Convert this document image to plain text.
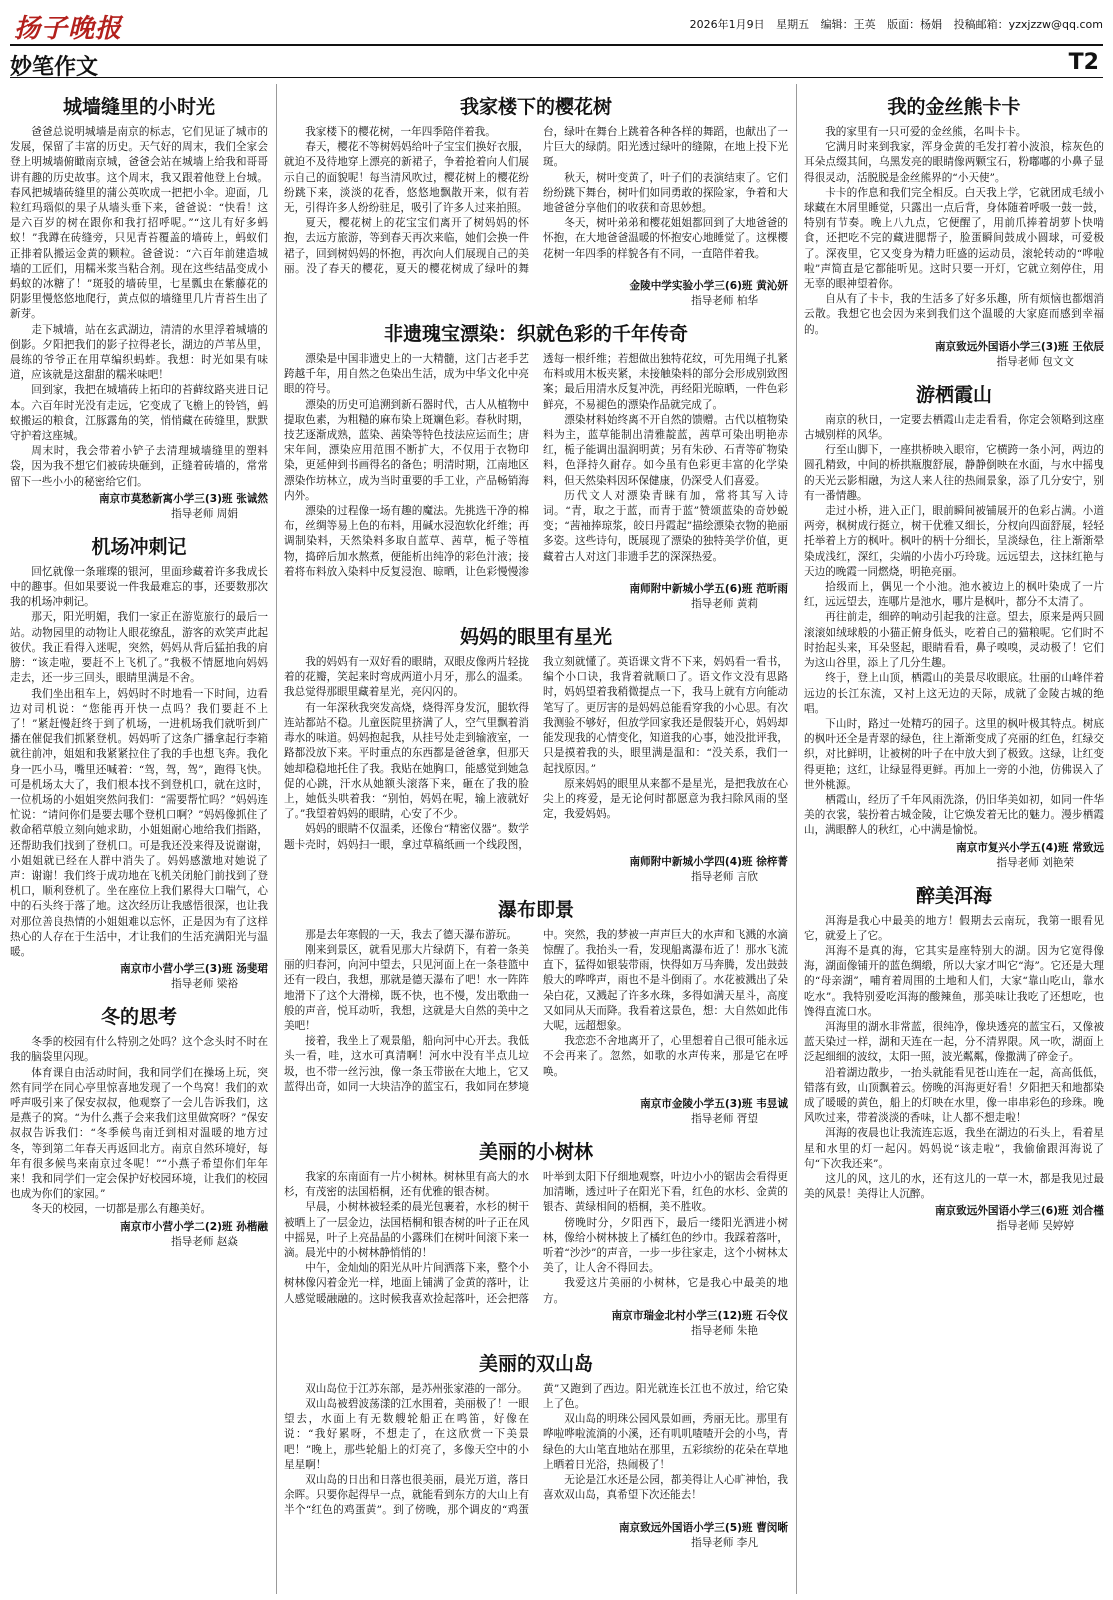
扬子晚报	2026年1月9日 星期五 编辑：王英 版面：杨娟 投稿邮箱：yzxjzzw@qq.com
妙笔作文	T2
城墙缝里的小时光

爸爸总说明城墙是南京的标志，它们见证了城市的发展，保留了丰富的历史。天气好的周末，我们全家会登上明城墙俯瞰南京城，爸爸会站在城墙上给我和哥哥讲有趣的历史故事。这个周末，我又跟着他登上台城。春风把城墙砖缝里的蒲公英吹成一把把小伞。迎面，几粒红玛瑙似的果子从墙头垂下来，爸爸说：“快看！这是六百岁的树在跟你和我打招呼呢。”“这儿有好多蚂蚁！”我蹲在砖缝旁，只见青苔覆盖的墙砖上，蚂蚁们正排着队搬运金黄的颗粒。爸爸说：“六百年前建造城墙的工匠们，用糯米浆当粘合剂。现在这些结晶变成小蚂蚁的冰糖了！”斑驳的墙砖里，七星瓢虫在紫藤花的阴影里慢悠悠地爬行，黄点似的墙缝里几片青苔生出了新芽。

走下城墙，站在玄武湖边，清清的水里浮着城墙的倒影。夕阳把我们的影子拉得老长，湖边的芦苇丛里，晨练的爷爷正在用草编织蚂蚱。我想：时光如果有味道，应该就是这甜甜的糯米味吧！

回到家，我把在城墙砖上拓印的苔藓纹路夹进日记本。六百年时光没有走远，它变成了飞檐上的铃铛，蚂蚁搬运的粮食，江豚露角的笑，悄悄藏在砖缝里，默默守护着这座城。

周末时，我会带着小铲子去清理城墙缝里的塑料袋，因为我不想它们被砖块砸到，正缝着砖墙的，常常留下一些小小的秘密给它们。

南京市莫愁新寓小学三(3)班 张诚然
指导老师 周娟
机场冲刺记

回忆就像一条璀璨的银河，里面珍藏着许多我成长中的趣事。但如果要说一件我最难忘的事，还要数那次我的机场冲刺记。

那天，阳光明媚，我们一家正在游览旅行的最后一站。动物园里的动物让人眼花缭乱，游客的欢笑声此起彼伏。我正看得入迷呢，突然，妈妈从背后猛拍我的肩膀：“该走啦，要赶不上飞机了。”我极不情愿地向妈妈走去，还一步三回头，眼睛里满是不舍。

我们坐出租车上，妈妈时不时地看一下时间，边看边对司机说：“您能再开快一点吗？我们要赶不上了！”紧赶慢赶终于到了机场，一进机场我们就听到广播在催促我们抓紧登机。妈妈听了这条广播拿起行李箱就往前冲，姐姐和我紧紧拉住了我的手也想飞奔。我化身一匹小马，嘴里还喊着：“驾，驾，驾”，跑得飞快。可是机场太大了，我们根本找不到登机口，就在这时，一位机场的小姐姐突然问我们：“需要帮忙吗？”妈妈连忙说：“请问你们是要去哪个登机口啊？”妈妈像抓住了救命稻草般立刻向她求助，小姐姐耐心地给我们指路，还帮助我们找到了登机口。可是我还没来得及说谢谢，小姐姐就已经在人群中消失了。妈妈感激地对她说了声：谢谢！我们终于成功地在飞机关闭舱门前找到了登机口，顺利登机了。坐在座位上我们累得大口喘气，心中的石头终于落了地。这次经历让我感悟很深，也让我对那位善良热情的小姐姐难以忘怀，正是因为有了这样热心的人存在于生活中，才让我们的生活充满阳光与温暖。

南京市小营小学三(3)班 汤斐珺
指导老师 梁裕
冬的思考

冬季的校园有什么特别之处吗？这个念头时不时在我的脑袋里闪现。

体育课自由活动时间，我和同学们在操场上玩，突然有同学在同心亭里惊喜地发现了一个鸟窝！我们的欢呼声吸引来了保安叔叔，他观察了一会儿告诉我们，这是燕子的窝。“为什么燕子会来我们这里做窝呀？”保安叔叔告诉我们：“冬季候鸟南迁到相对温暖的地方过冬，等到第二年春天再返回北方。南京自然环境好，每年有很多候鸟来南京过冬呢！”“小燕子希望你们年年来！我和同学们一定会保护好校园环境，让我们的校园也成为你们的家园。”

冬天的校园，一切都是那么有趣美好。

南京市小营小学二(2)班 孙楷融
指导老师 赵焱
我家楼下的樱花树

我家楼下的樱花树，一年四季陪伴着我。

春天，樱花不等树妈妈给叶子宝宝们换好衣服，就迫不及待地穿上漂亮的新裙子，争着抢着向人们展示自己的面貌呢！每当清风吹过，樱花树上的樱花纷纷跳下来，淡淡的花香，悠悠地飘散开来，似有若无，引得许多人纷纷驻足，吸引了许多人过来拍照。

夏天，樱花树上的花宝宝们离开了树妈妈的怀抱，去远方旅游，等到春天再次来临，她们会换一件裙子，回到树妈妈的怀抱，再次向人们展现自己的美丽。没了春天的樱花，夏天的樱花树成了绿叶的舞台，绿叶在舞台上跳着各种各样的舞蹈，也献出了一片巨大的绿荫。阳光透过绿叶的缝隙，在地上投下光斑。

秋天，树叶变黄了，叶子们的表演结束了。它们纷纷跳下舞台，树叶们如同勇敢的探险家，争着和大地爸爸分享他们的收获和奇思妙想。

冬天，树叶弟弟和樱花姐姐都回到了大地爸爸的怀抱，在大地爸爸温暖的怀抱安心地睡觉了。这棵樱花树一年四季的样貌各有不同，一直陪伴着我。

金陵中学实验小学三(6)班 黄沁妍
指导老师 柏华
非遗瑰宝漂染：织就色彩的千年传奇

漂染是中国非遗史上的一大精髓，这门古老手艺跨越千年，用自然之色染出生活，成为中华文化中亮眼的符号。

漂染的历史可追溯到新石器时代，古人从植物中提取色素，为粗糙的麻布染上斑斓色彩。春秋时期，技艺逐渐成熟，蓝染、茜染等特色技法应运而生；唐宋年间，漂染应用范围不断扩大，不仅用于衣物印染，更延伸到书画得名的备色；明清时期，江南地区漂染作坊林立，成为当时重要的手工业，产品畅销海内外。

漂染的过程像一场有趣的魔法。先挑选干净的棉布，丝绸等易上色的布料，用碱水浸泡软化纤维；再调制染料，天然染料多取自蓝草、茜草，栀子等植物，捣碎后加水熬煮，便能析出纯净的彩色汁液；接着将布料放入染料中反复浸泡、晾晒，让色彩慢慢渗透每一根纤维；若想做出独特花纹，可先用绳子扎紧布料或用木板夹紧，未接触染料的部分会形成别致图案；最后用清水反复冲洗，再经阳光晾晒，一件色彩鲜亮，不易褪色的漂染作品就完成了。

漂染材料始终离不开自然的馈赠。古代以植物染料为主，蓝草能制出清雅靛蓝，茜草可染出明艳赤红，栀子能调出温润明黄；另有朱砂、石青等矿物染料，色泽持久耐存。如今虽有色彩更丰富的化学染料，但天然染料因环保健康，仍深受人们喜爱。

历代文人对漂染青睐有加，常将其写入诗词。“青，取之于蓝，而青于蓝”赞颂蓝染的奇妙蜕变；“茜袖捧琼浆，皎日丹霞起”描绘漂染衣物的艳丽多姿。这些诗句，既展现了漂染的独特美学价值，更藏着古人对这门非遗手艺的深深热爱。

南师附中新城小学五(6)班 范昕雨
指导老师 黄莉
妈妈的眼里有星光

我的妈妈有一双好看的眼睛，双眼皮像两片轻拢着的花瓣，笑起来时弯成两道小月牙，那么的温柔。我总觉得那眼里藏着星光，亮闪闪的。

有一年深秋我突发高烧，烧得浑身发沉，腿软得连站都站不稳。儿童医院里挤满了人，空气里飘着消毒水的味道。妈妈抱起我，从挂号处走到输液室，一路都没放下来。平时重点的东西都是爸爸拿，但那天她却稳稳地托住了我。我贴在她胸口，能感觉到她急促的心跳，汗水从她额头滚落下来，砸在了我的脸上，她低头哄着我：“别怕，妈妈在呢，输上液就好了。”我望着妈妈的眼睛，心安了不少。

妈妈的眼睛不仅温柔，还像台“精密仪器”。数学题卡壳时，妈妈扫一眼，拿过草稿纸画一个线段图，我立刻就懂了。英语课文背不下来，妈妈看一看书，编个小口诀，我背着就顺口了。语文作文没有思路时，妈妈望着我稍微提点一下，我马上就有方向能动笔写了。更厉害的是妈妈总能看穿我的小心思。有次我测验不够好，但放学回家我还是假装开心，妈妈却能发现我的心情变化，知道我的心事，她没批评我，只是摸着我的头，眼里满是温和：“没关系，我们一起找原因。”

原来妈妈的眼里从来都不是星光，是把我放在心尖上的疼爱，是无论何时都愿意为我扫除风雨的坚定，我爱妈妈。

南师附中新城小学四(4)班 徐梓菁
指导老师 言欣
瀑布即景

那是去年寒假的一天，我去了德天瀑布游玩。

刚来到景区，就看见那大片绿荫下，有着一条美丽的归春河，向河中望去，只见河面上在一条巷篮中还有一段白，我想，那就是德天瀑布了吧！水一阵阵地滑下了这个大滑梯，既不快，也不慢，发出歌曲一般的声音，悦耳动听，我想，这就是大自然的美中之美吧！

接着，我坐上了观景船，船向河中心开去。我低头一看，哇，这水可真清啊！河水中没有半点儿垃圾，也不带一丝污浊，像一条玉带嵌在大地上，它又蓝得出奇，如同一大块洁净的蓝宝石，我如同在梦境中。突然，我的梦被一声声巨大的水声和飞溅的水滴惊醒了。我抬头一看，发现船离瀑布近了！那水飞流直下，猛得如银装带雨，快得如万马奔腾，发出鼓鼓般大的哗哗声，雨也不是斗倒雨了。水花被溅出了朵朵白花，又溅起了许多水珠，多得如满天星斗，高度又如同从天而降。我看着这景色，想：大自然如此伟大呢，远超想象。

我恋恋不舍地离开了，心里想着自己很可能永远不会再来了。忽然，如歌的水声传来，那是它在呼唤。

南京市金陵小学五(3)班 韦昱诚
指导老师 胥望
美丽的小树林

我家的东南面有一片小树林。树林里有高大的水杉，有茂密的法国梧桐，还有优雅的银杏树。

早晨，小树林被轻柔的晨光包裹着，水杉的树干被晒上了一层金边，法国梧桐和银杏树的叶子正在风中摇晃，叶子上亮晶晶的小露珠们在树叶间滚下来一滴。晨光中的小树林静悄悄的！

中午，金灿灿的阳光从叶片间洒落下来，整个小树林像闪着金光一样，地面上铺满了金黄的落叶，让人感觉暖融融的。这时候我喜欢捡起落叶，还会把落叶举到太阳下仔细地观察，叶边小小的锯齿会看得更加清晰，透过叶子在阳光下看，红色的水杉、金黄的银杏、黄绿相间的梧桐，美不胜收。

傍晚时分，夕阳西下，最后一缕阳光洒进小树林，像给小树林披上了橘红色的纱巾。我踩着落叶，听着“沙沙”的声音，一步一步往家走，这个小树林太美了，让人舍不得回去。

我爱这片美丽的小树林，它是我心中最美的地方。

南京市瑞金北村小学三(12)班 石令仪
指导老师 朱艳
美丽的双山岛

双山岛位于江苏东部，是苏州张家港的一部分。

双山岛被碧波荡漾的江水围着，美丽极了！一眼望去，水面上有无数艘轮船正在鸣笛，好像在说：“我好累呀，不想走了，在这欣赏一下美景吧！”晚上，那些轮船上的灯亮了，多像天空中的小星星啊！

双山岛的日出和日落也很美丽，晨光万道，落日余晖。只要你起得早一点，就能看到东方的大山上有半个“红色的鸡蛋黄”。到了傍晚，那个调皮的“鸡蛋黄”又跑到了西边。阳光就连长江也不放过，给它染上了色。

双山岛的明珠公园风景如画，秀丽无比。那里有哗啦哗啦流淌的小溪，还有叽叽喳喳开会的小鸟，青绿色的大山笔直地站在那里，五彩缤纷的花朵在草地上晒着日光浴，热闹极了！

无论是江水还是公园，都美得让人心旷神怡，我喜欢双山岛，真希望下次还能去！

南京致远外国语小学三(5)班 曹闵晰
指导老师 李凡
我的金丝熊卡卡

我的家里有一只可爱的金丝熊，名叫卡卡。

它满月时来到我家，浑身金黄的毛发打着小波浪，棕灰色的耳朵点缀其间，乌黑发亮的眼睛像两颗宝石，粉嘟嘟的小鼻子显得很灵动，活脱脱是金丝熊界的“小天使”。

卡卡的作息和我们完全相反。白天我上学，它就团成毛绒小球藏在木屑里睡觉，只露出一点后背，身体随着呼吸一鼓一鼓，特别有节奏。晚上八九点，它便醒了，用前爪捧着胡萝卜快啃食，还把吃不完的藏进腮帮子，脸蛋瞬间鼓成小圆球，可爱极了。深夜里，它又变身为精力旺盛的运动员，滚轮转动的“哗啦啦”声简直是它都能听见。这时只要一开灯，它就立刻停住，用无辜的眼神望着你。

自从有了卡卡，我的生活多了好多乐趣，所有烦恼也都烟消云散。我想它也会因为来到我们这个温暖的大家庭而感到幸福的。

南京致远外国语小学三(3)班 王依辰
指导老师 包文文
游栖霞山

南京的秋日，一定要去栖霞山走走看看，你定会领略到这座古城别样的风华。

行至山脚下，一座拱桥映入眼帘，它横跨一条小河，两边的圆孔精致，中间的桥拱瓶腹舒展，静静倒映在水面，与水中摇曳的天光云影相融，为这人来人往的热闹景象，添了几分安宁，别有一番情趣。

走过小桥，进入正门，眼前瞬间被铺展开的色彩占满。小道两旁，枫树成行挺立，树干优雅又细长，分杈向四面舒展，轻轻托举着上方的枫叶。枫叶的柄十分细长，呈淡绿色，往上渐渐晕染成浅红，深红，尖端的小齿小巧玲珑。远远望去，这抹红艳与天边的晚霞一同燃烧，明艳亮丽。

拾级而上，偶见一个小池。池水被边上的枫叶染成了一片红，远远望去，连哪片是池水，哪片是枫叶，都分不太清了。

再往前走，细碎的响动引起我的注意。望去，原来是两只圆滚滚如绒球般的小猫正俯身低头，吃着自己的猫粮呢。它们时不时抬起头来，耳朵竖起，眼睛看看，鼻子嗅嗅，灵动极了！它们为这山谷里，添上了几分生趣。

终于，登上山顶，栖霞山的美景尽收眼底。壮丽的山峰伴着远边的长江东流，又衬上这无边的天际，成就了金陵古城的绝唱。

下山时，路过一处精巧的园子。这里的枫叶极其特点。树底的枫叶还全是青翠的绿色，往上渐渐变成了亮丽的红色，红绿交织，对比鲜明，让被树的叶子在中放大到了极致。这绿，让红变得更艳；这红，让绿显得更鲜。再加上一旁的小池，仿佛误入了世外桃源。

栖霞山，经历了千年风雨洗涤，仍旧华美如初，如同一件华美的衣裳，装扮着古城金陵，让它焕发着无比的魅力。漫步栖霞山，满眼醉人的秋红，心中满是愉悦。

南京市复兴小学五(4)班 常致远
指导老师 刘艳荣
醉美洱海

洱海是我心中最美的地方！假期去云南玩，我第一眼看见它，就爱上了它。

洱海不是真的海，它其实是座特别大的湖。因为它宽得像海，湖面像铺开的蓝色绸缎，所以大家才叫它“海”。它还是大理的“母亲湖”，哺育着周围的土地和人们，大家“靠山吃山，靠水吃水”。我特别爱吃洱海的酸辣鱼，那美味让我吃了还想吃，也馋得直流口水。

洱海里的湖水非常蓝，很纯净，像块透亮的蓝宝石，又像被蓝天染过一样，湖和天连在一起，分不清界限。风一吹，湖面上泛起细细的波纹，太阳一照，波光粼粼，像撒满了碎金子。

沿着湖边散步，一抬头就能看见苍山连在一起，高高低低，错落有致，山顶飘着云。傍晚的洱海更好看！夕阳把天和地都染成了暖暖的黄色，船上的灯映在水里，像一串串彩色的珍珠。晚风吹过来，带着淡淡的香味，让人都不想走啦！

洱海的夜晨也让我流连忘返，我坐在湖边的石头上，看着星星和水里的灯一起闪。妈妈说“该走啦”，我偷偷跟洱海说了句“下次我还来”。

这儿的风，这儿的水，还有这儿的一草一木，都是我见过最美的风景！美得让人沉醉。

南京致远外国语小学三(6)班 刘合槿
指导老师 吴婷婷
